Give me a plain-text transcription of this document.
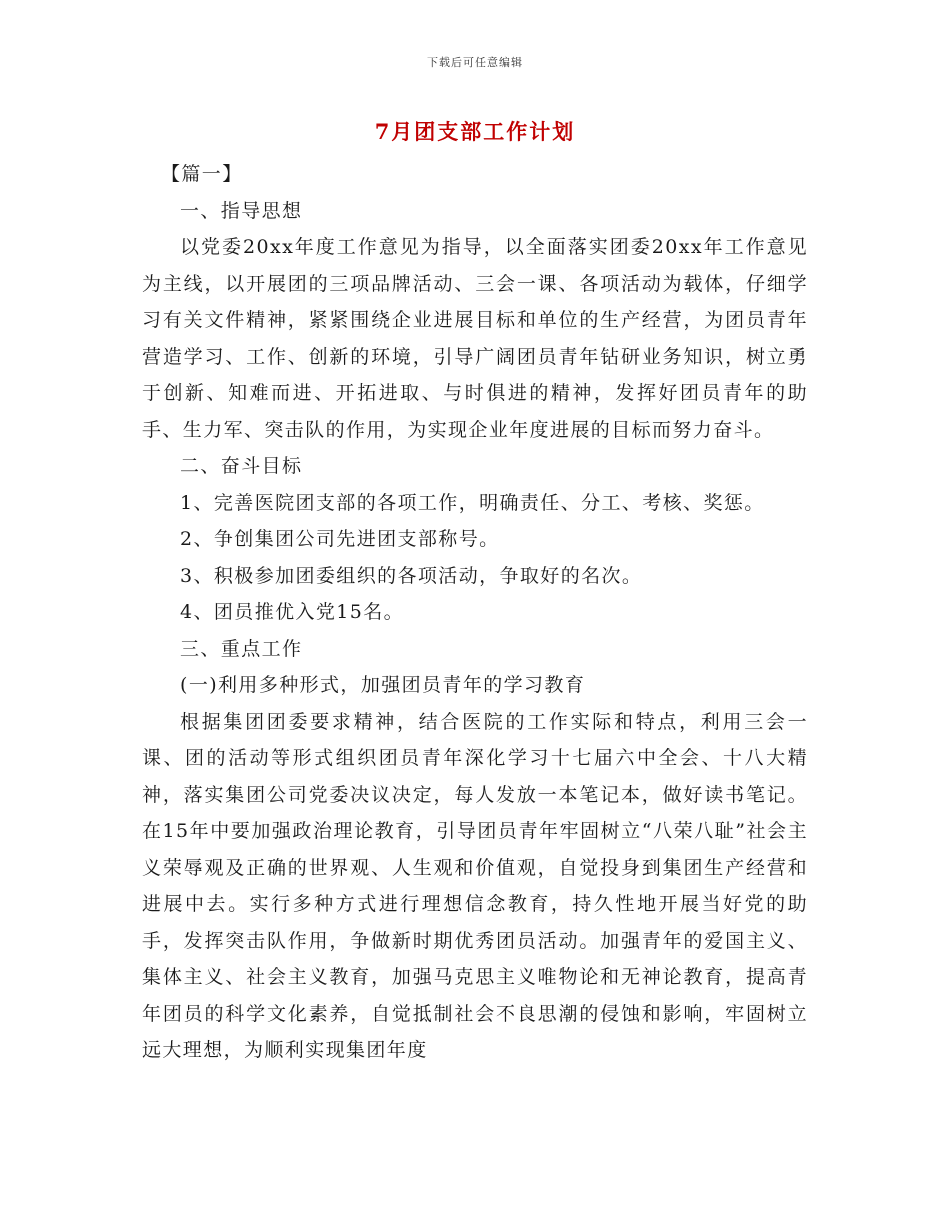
下载后可任意编辑
7月团支部工作计划

【篇一】

一、指导思想

以党委20xx年度工作意见为指导，以全面落实团委20xx年工作意见为主线，以开展团的三项品牌活动、三会一课、各项活动为载体，仔细学习有关文件精神，紧紧围绕企业进展目标和单位的生产经营，为团员青年营造学习、工作、创新的环境，引导广阔团员青年钻研业务知识，树立勇于创新、知难而进、开拓进取、与时俱进的精神，发挥好团员青年的助手、生力军、突击队的作用，为实现企业年度进展的目标而努力奋斗。

二、奋斗目标

1、完善医院团支部的各项工作，明确责任、分工、考核、奖惩。

2、争创集团公司先进团支部称号。

3、积极参加团委组织的各项活动，争取好的名次。

4、团员推优入党15名。

三、重点工作

(一)利用多种形式，加强团员青年的学习教育

根据集团团委要求精神，结合医院的工作实际和特点，利用三会一课、团的活动等形式组织团员青年深化学习十七届六中全会、十八大精神，落实集团公司党委决议决定，每人发放一本笔记本，做好读书笔记。在15年中要加强政治理论教育，引导团员青年牢固树立“八荣八耻”社会主义荣辱观及正确的世界观、人生观和价值观，自觉投身到集团生产经营和进展中去。实行多种方式进行理想信念教育，持久性地开展当好党的助手，发挥突击队作用，争做新时期优秀团员活动。加强青年的爱国主义、集体主义、社会主义教育，加强马克思主义唯物论和无神论教育，提高青年团员的科学文化素养，自觉抵制社会不良思潮的侵蚀和影响，牢固树立远大理想，为顺利实现集团年度
